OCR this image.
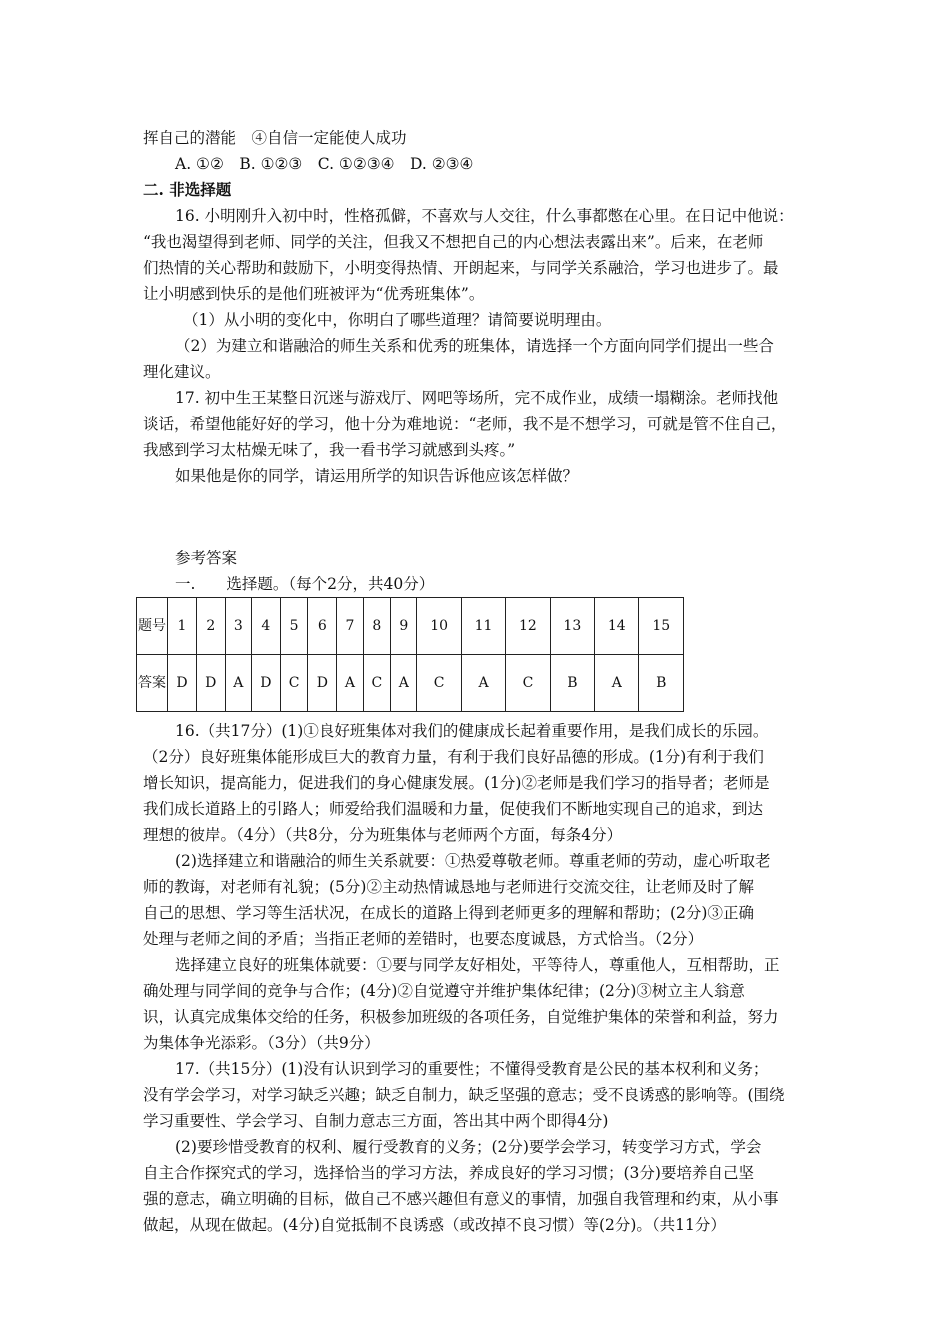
挥自己的潜能　④自信一定能使人成功
A. ①②　B. ①②③　C. ①②③④　D. ②③④
二. 非选择题
16. 小明刚升入初中时，性格孤僻，不喜欢与人交往，什么事都憋在心里。在日记中他说：
“我也渴望得到老师、同学的关注，但我又不想把自己的内心想法表露出来”。后来，在老师
们热情的关心帮助和鼓励下，小明变得热情、开朗起来，与同学关系融洽，学习也进步了。最
让小明感到快乐的是他们班被评为“优秀班集体”。
（1）从小明的变化中，你明白了哪些道理？请简要说明理由。
（2）为建立和谐融洽的师生关系和优秀的班集体，请选择一个方面向同学们提出一些合
理化建议。
17. 初中生王某整日沉迷与游戏厅、网吧等场所，完不成作业，成绩一塌糊涂。老师找他
谈话，希望他能好好的学习，他十分为难地说：“老师，我不是不想学习，可就是管不住自己，
我感到学习太枯燥无味了，我一看书学习就感到头疼。”
如果他是你的同学，请运用所学的知识告诉他应该怎样做？
参考答案
一.　　选择题。（每个2分，共40分）
题号	1	2	3	4	5	6	7	8	9	10	11	12	13	14	15
答案	D	D	A	D	C	D	A	C	A	C	A	C	B	A	B
16.（共17分）(1)①良好班集体对我们的健康成长起着重要作用，是我们成长的乐园。
（2分）良好班集体能形成巨大的教育力量，有利于我们良好品德的形成。(1分)有利于我们
增长知识，提高能力，促进我们的身心健康发展。(1分)②老师是我们学习的指导者；老师是
我们成长道路上的引路人；师爱给我们温暖和力量，促使我们不断地实现自己的追求，到达
理想的彼岸。（4分）（共8分，分为班集体与老师两个方面，每条4分）
(2)选择建立和谐融洽的师生关系就要：①热爱尊敬老师。尊重老师的劳动，虚心听取老
师的教诲，对老师有礼貌；(5分)②主动热情诚恳地与老师进行交流交往，让老师及时了解
自己的思想、学习等生活状况，在成长的道路上得到老师更多的理解和帮助；(2分)③正确
处理与老师之间的矛盾；当指正老师的差错时，也要态度诚恳，方式恰当。（2分）
选择建立良好的班集体就要：①要与同学友好相处，平等待人，尊重他人，互相帮助，正
确处理与同学间的竞争与合作；(4分)②自觉遵守并维护集体纪律；(2分)③树立主人翁意
识，认真完成集体交给的任务，积极参加班级的各项任务，自觉维护集体的荣誉和利益，努力
为集体争光添彩。（3分）（共9分）
17.（共15分）(1)没有认识到学习的重要性；不懂得受教育是公民的基本权利和义务；
没有学会学习，对学习缺乏兴趣；缺乏自制力，缺乏坚强的意志；受不良诱惑的影响等。(围绕
学习重要性、学会学习、自制力意志三方面，答出其中两个即得4分)
(2)要珍惜受教育的权利、履行受教育的义务；(2分)要学会学习，转变学习方式，学会
自主合作探究式的学习，选择恰当的学习方法，养成良好的学习习惯；(3分)要培养自己坚
强的意志，确立明确的目标，做自己不感兴趣但有意义的事情，加强自我管理和约束，从小事
做起，从现在做起。(4分)自觉抵制不良诱惑（或改掉不良习惯）等(2分)。（共11分）
